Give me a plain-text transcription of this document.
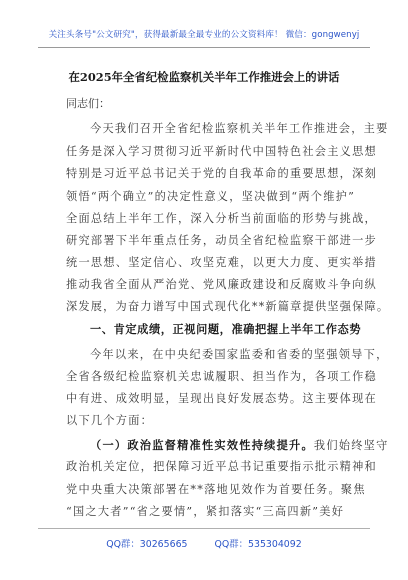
关注头条号"公文研究"，获得最新最全最专业的公文资料库！ 微信：gongwenyj
在2025年全省纪检监察机关半年工作推进会上的讲话
同志们：
今天我们召开全省纪检监察机关半年工作推进会，主要
任务是深入学习贯彻习近平新时代中国特色社会主义思想
特别是习近平总书记关于党的自我革命的重要思想，深刻
领悟“两个确立”的决定性意义，坚决做到“两个维护”
全面总结上半年工作，深入分析当前面临的形势与挑战，
研究部署下半年重点任务，动员全省纪检监察干部进一步
统一思想、坚定信心、攻坚克难，以更大力度、更实举措
推动我省全面从严治党、党风廉政建设和反腐败斗争向纵
深发展，为奋力谱写中国式现代化**新篇章提供坚强保障。
一、肯定成绩，正视问题，准确把握上半年工作态势
今年以来，在中央纪委国家监委和省委的坚强领导下，
全省各级纪检监察机关忠诚履职、担当作为，各项工作稳
中有进、成效明显，呈现出良好发展态势。这主要体现在
以下几个方面：
（一）政治监督精准性实效性持续提升。我们始终坚守
政治机关定位，把保障习近平总书记重要指示批示精神和
党中央重大决策部署在**落地见效作为首要任务。聚焦
“国之大者”“省之要情”，紧扣落实“三高四新”美好
QQ群：30265665	QQ群：535304092
